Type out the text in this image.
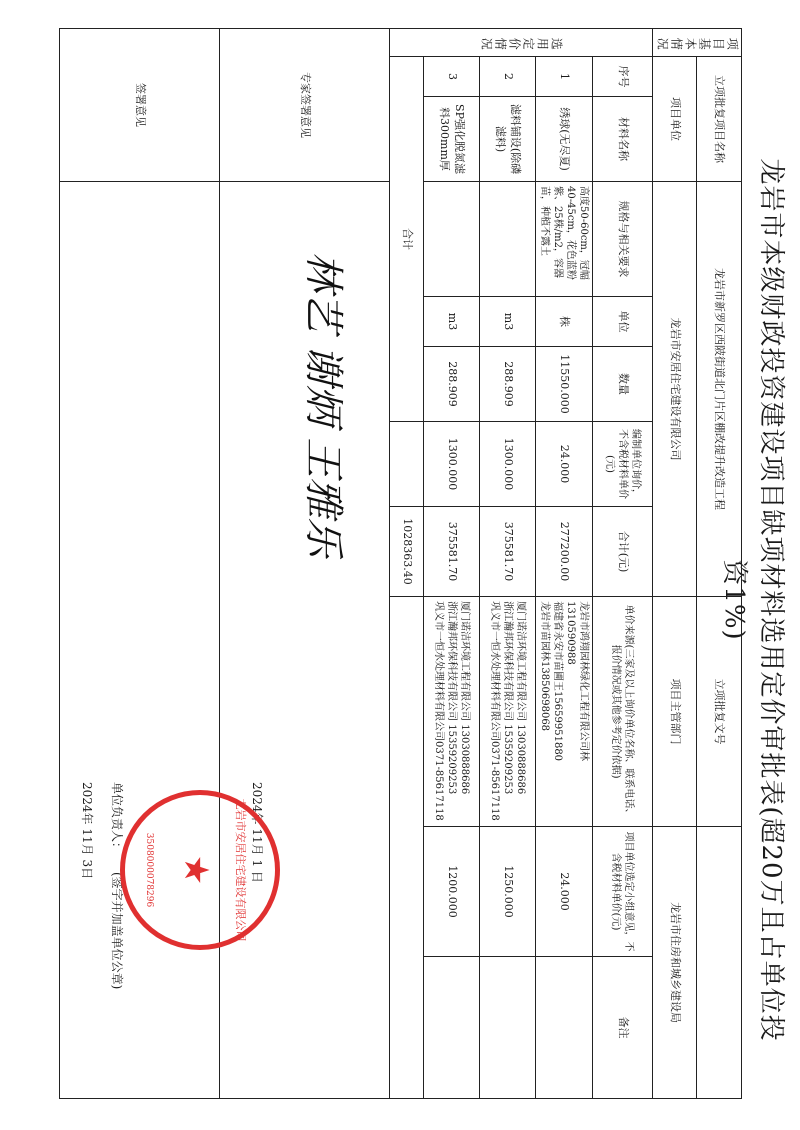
龙岩市本级财政投资建设项目缺项材料选用定价审批表(超20万且占单位投资1%)
项目基本情况	立项批复项目名称		龙岩市新罗区西陂街道北门片区棚改提升改造工程					立项批复文号		
	项目单位		龙岩市安居住宅建设有限公司					项目主管部门	龙岩市住房和城乡建设局	
选用定价情况	序号	材料名称	规格与相关要求	单位	数量	编制单位询价，不含税材料单价(元)	合计(元)	单价来源(三家及以上询价单位名称、联系电话、报价情况或其他参考定价依据)	项目单位选定小组意见，不含税材料单价(元)	备注
	1	绣球(无尽夏)	高度50-60cm，冠幅40-45cm，花色蓝粉紫、25株/m2，容器苗，种植不露土	株	11550.000	24.000	277200.00	龙岩市鸿翔园林绿化工程有限公司林1310590988
福建省永安市苗圃王15659951880
龙岩市苗园林13850698068	24.000	
	2	滤料铺设(除磷滤料)		m3	288.909	1300.000	375581.70	厦门诺洁环境工程有限公司 13030888686
浙江瀚邦环保科技有限公司 15359209253
巩义市一恒水处理材料有限公司0371-85617118	1250.000	
	3	SP强化脱氮滤料300mm厚		m3	288.909	1300.000	375581.70	厦门诺洁环境工程有限公司 13030888686
浙江瀚邦环保科技有限公司 15359209253
巩义市一恒水处理材料有限公司0371-85617118	1200.000	
	合计						1028363.40			
专家签署意见			林艺 谢炳 王雅乐
2024年 11月 1 日							

签署意见			单位负责人：
(签字并加盖单位公章)
2024年 11月 3日							★ 龙岩市安居住宅建设有限公司
3508000078296
